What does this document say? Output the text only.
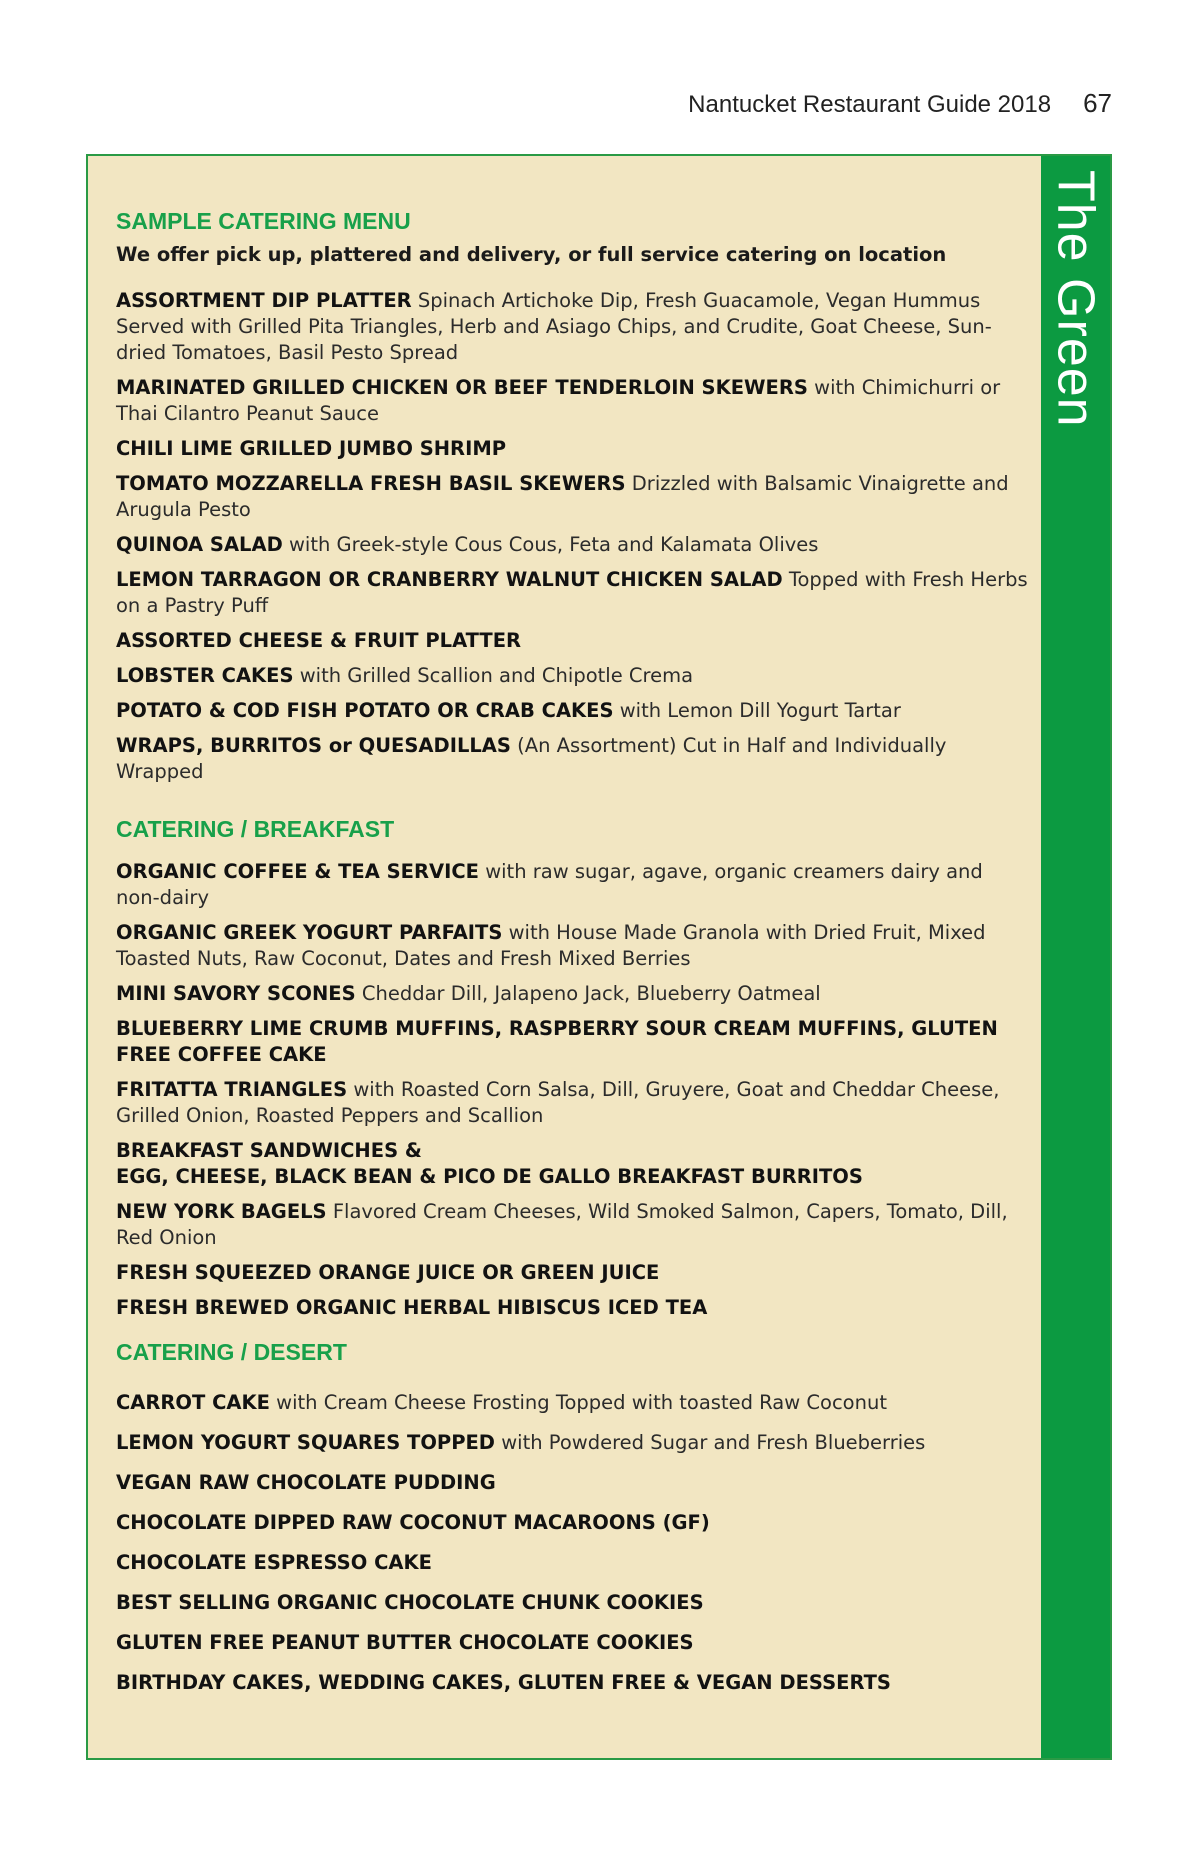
Nantucket Restaurant Guide 2018 67
SAMPLE CATERING MENU

We offer pick up, plattered and delivery, or full service catering on location

ASSORTMENT DIP PLATTER Spinach Artichoke Dip, Fresh Guacamole, Vegan Hummus Served with Grilled Pita Triangles, Herb and Asiago Chips, and Crudite, Goat Cheese, Sun-dried Tomatoes, Basil Pesto Spread

MARINATED GRILLED CHICKEN OR BEEF TENDERLOIN SKEWERS with Chimichurri or Thai Cilantro Peanut Sauce

CHILI LIME GRILLED JUMBO SHRIMP

TOMATO MOZZARELLA FRESH BASIL SKEWERS Drizzled with Balsamic Vinaigrette and Arugula Pesto

QUINOA SALAD with Greek-style Cous Cous, Feta and Kalamata Olives

LEMON TARRAGON OR CRANBERRY WALNUT CHICKEN SALAD Topped with Fresh Herbs on a Pastry Puff

ASSORTED CHEESE & FRUIT PLATTER

LOBSTER CAKES with Grilled Scallion and Chipotle Crema

POTATO & COD FISH POTATO OR CRAB CAKES with Lemon Dill Yogurt Tartar

WRAPS, BURRITOS or QUESADILLAS (An Assortment) Cut in Half and Individually Wrapped

CATERING / BREAKFAST

ORGANIC COFFEE & TEA SERVICE with raw sugar, agave, organic creamers dairy and non-dairy

ORGANIC GREEK YOGURT PARFAITS with House Made Granola with Dried Fruit, Mixed Toasted Nuts, Raw Coconut, Dates and Fresh Mixed Berries

MINI SAVORY SCONES Cheddar Dill, Jalapeno Jack, Blueberry Oatmeal

BLUEBERRY LIME CRUMB MUFFINS, RASPBERRY SOUR CREAM MUFFINS, GLUTEN FREE COFFEE CAKE

FRITATTA TRIANGLES with Roasted Corn Salsa, Dill, Gruyere, Goat and Cheddar Cheese, Grilled Onion, Roasted Peppers and Scallion

BREAKFAST SANDWICHES &
EGG, CHEESE, BLACK BEAN & PICO DE GALLO BREAKFAST BURRITOS

NEW YORK BAGELS Flavored Cream Cheeses, Wild Smoked Salmon, Capers, Tomato, Dill, Red Onion

FRESH SQUEEZED ORANGE JUICE OR GREEN JUICE

FRESH BREWED ORGANIC HERBAL HIBISCUS ICED TEA

CATERING / DESERT

CARROT CAKE with Cream Cheese Frosting Topped with toasted Raw Coconut

LEMON YOGURT SQUARES TOPPED with Powdered Sugar and Fresh Blueberries

VEGAN RAW CHOCOLATE PUDDING

CHOCOLATE DIPPED RAW COCONUT MACAROONS (GF)

CHOCOLATE ESPRESSO CAKE

BEST SELLING ORGANIC CHOCOLATE CHUNK COOKIES

GLUTEN FREE PEANUT BUTTER CHOCOLATE COOKIES

BIRTHDAY CAKES, WEDDING CAKES, GLUTEN FREE & VEGAN DESSERTS

The Green
